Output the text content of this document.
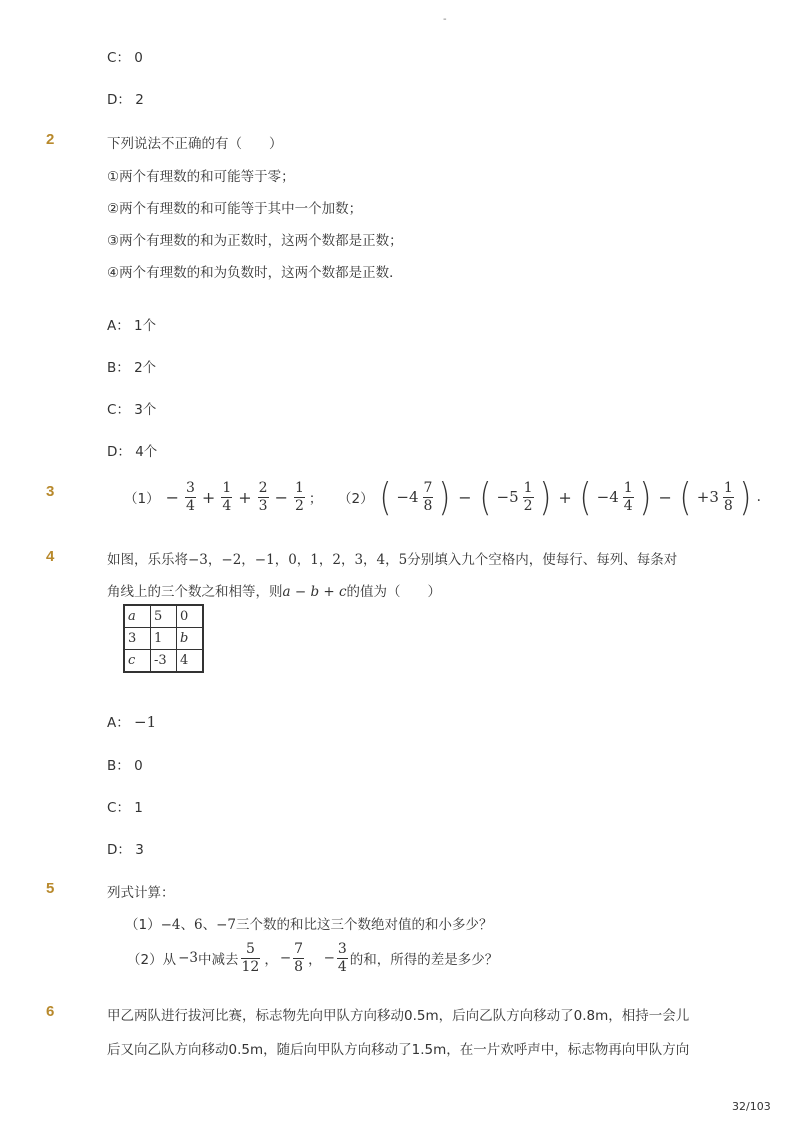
-
C： 0
D： 2
2	下列说法不正确的有（　　）
①两个有理数的和可能等于零；
②两个有理数的和可能等于其中一个加数；
③两个有理数的和为正数时，这两个数都是正数；
④两个有理数的和为负数时，这两个数都是正数．
A： 1个
B： 2个
C： 3个
D： 4个
3	$(1) - \frac{3}{4} + \frac{1}{4} + \frac{2}{3} - \frac{1}{2}$ ； （2） ( $-4 \frac{7}{8}$ ) − ( $-5 \frac{1}{2}$ ) + ( $-4 \frac{1}{4}$ ) − ( $+3 \frac{1}{8}$ ) .
4	如图，乐乐将−3，−2，−1，0，1，2，3，4，5分别填入九个空格内，使每行、每列、每条对
角线上的三个数之和相等，则a − b + c的值为（　　）
a	5	0
3	1	b
c	-3	4
A： −1
B： 0
C： 1
D： 3
5	列式计算：
（1）−4、6、−7三个数的和比这三个数绝对值的和小多少？
（2）从 −3 中减去 $\frac{5}{12}$ ， − $\frac{7}{8}$ ， − $\frac{3}{4}$ 的和，所得的差是多少？
6	甲乙两队进行拔河比赛，标志物先向甲队方向移动0.5m，后向乙队方向移动了0.8m，相持一会儿
后又向乙队方向移动0.5m，随后向甲队方向移动了1.5m，在一片欢呼声中，标志物再向甲队方向
32/103
